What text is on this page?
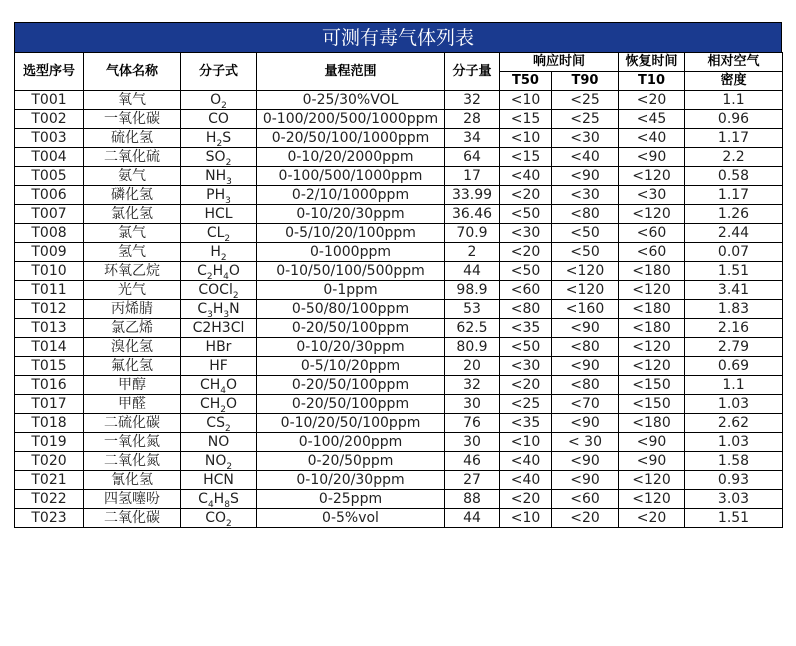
可测有毒气体列表
选型序号	气体名称	分子式	量程范围	分子量	响应时间		恢复时间	相对空气
					T50	T90	T10	密度
T001	氧气	$O_2$	0-25/30%VOL	32	<10	<25	<20	1.1
T002	一氧化碳	CO	0-100/200/500/1000ppm	28	<15	<25	<45	0.96
T003	硫化氢	$H_2S$	0-20/50/100/1000ppm	34	<10	<30	<40	1.17
T004	二氧化硫	$SO_2$	0-10/20/2000ppm	64	<15	<40	<90	2.2
T005	氨气	$NH_3$	0-100/500/1000ppm	17	<40	<90	<120	0.58
T006	磷化氢	$PH_3$	0-2/10/1000ppm	33.99	<20	<30	<30	1.17
T007	氯化氢	HCL	0-10/20/30ppm	36.46	<50	<80	<120	1.26
T008	氯气	$CL_2$	0-5/10/20/100ppm	70.9	<30	<50	<60	2.44
T009	氢气	$H_2$	0-1000ppm	2	<20	<50	<60	0.07
T010	环氧乙烷	$C_2H_4O$	0-10/50/100/500ppm	44	<50	<120	<180	1.51
T011	光气	COCl$_2$	0-1ppm	98.9	<60	<120	<120	3.41
T012	丙烯腈	$C_3H_3N$	0-50/80/100ppm	53	<80	<160	<180	1.83
T013	氯乙烯	C2H3Cl	0-20/50/100ppm	62.5	<35	<90	<180	2.16
T014	溴化氢	HBr	0-10/20/30ppm	80.9	<50	<80	<120	2.79
T015	氟化氢	HF	0-5/10/20ppm	20	<30	<90	<120	0.69
T016	甲醇	$CH_4O$	0-20/50/100ppm	32	<20	<80	<150	1.1
T017	甲醛	$CH_2O$	0-20/50/100ppm	30	<25	<70	<150	1.03
T018	二硫化碳	$CS_2$	0-10/20/50/100ppm	76	<35	<90	<180	2.62
T019	一氧化氮	NO	0-100/200ppm	30	<10	< 30	<90	1.03
T020	二氧化氮	$NO_2$	0-20/50ppm	46	<40	<90	<90	1.58
T021	氰化氢	HCN	0-10/20/30ppm	27	<40	<90	<120	0.93
T022	四氢噻吩	$C_4H_8S$	0-25ppm	88	<20	<60	<120	3.03
T023	二氧化碳	$CO_2$	0-5%vol	44	<10	<20	<20	1.51
